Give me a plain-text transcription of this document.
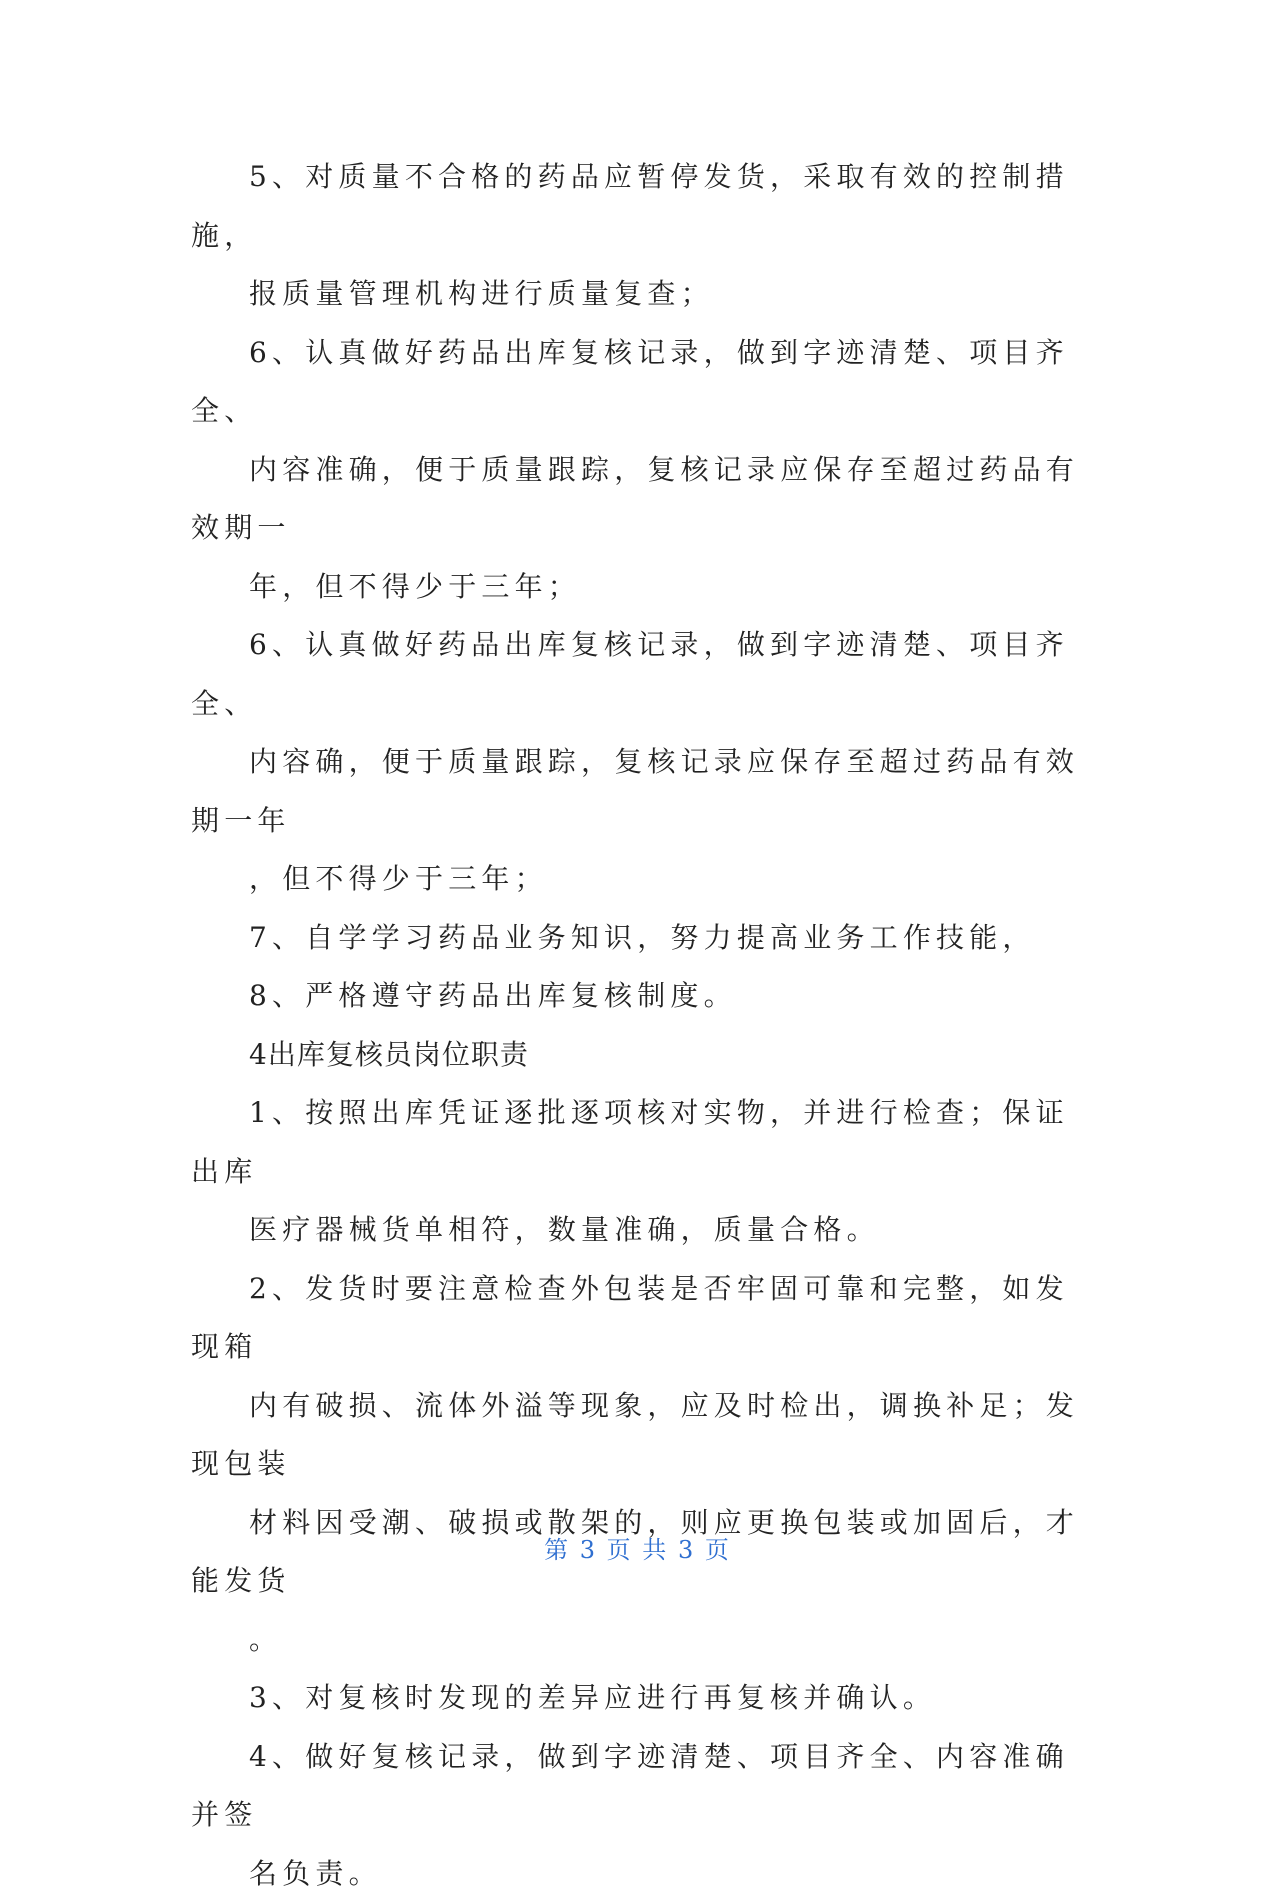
5、对质量不合格的药品应暂停发货，采取有效的控制措施，
报质量管理机构进行质量复查；

6、认真做好药品出库复核记录，做到字迹清楚、项目齐全、
内容准确，便于质量跟踪，复核记录应保存至超过药品有效期一
年，但不得少于三年；

6、认真做好药品出库复核记录，做到字迹清楚、项目齐全、
内容确，便于质量跟踪，复核记录应保存至超过药品有效期一年
，但不得少于三年；

7、自学学习药品业务知识，努力提高业务工作技能，

8、严格遵守药品出库复核制度。

4出库复核员岗位职责

1、按照出库凭证逐批逐项核对实物，并进行检查；保证出库
医疗器械货单相符，数量准确，质量合格。

2、发货时要注意检查外包装是否牢固可靠和完整，如发现箱
内有破损、流体外溢等现象，应及时检出，调换补足；发现包装
材料因受潮、破损或散架的，则应更换包装或加固后，才能发货
。

3、对复核时发现的差异应进行再复核并确认。

4、做好复核记录，做到字迹清楚、项目齐全、内容准确并签
名负责。

第 3 页 共 3 页
